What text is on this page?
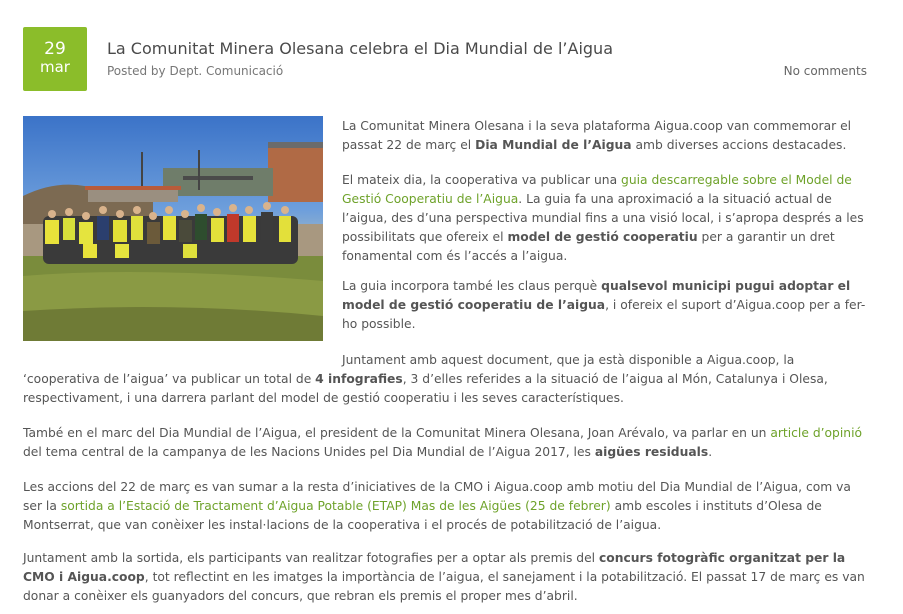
29
mar
La Comunitat Minera Olesana celebra el Dia Mundial de l’Aigua
Posted by Dept. Comunicació	No comments

La Comunitat Minera Olesana i la seva plataforma Aigua.coop van commemorar el passat 22 de març el Dia Mundial de l’Aigua amb diverses accions destacades.

El mateix dia, la cooperativa va publicar una guia descarregable sobre el Model de Gestió Cooperatiu de l’Aigua. La guia fa una aproximació a la situació actual de l’aigua, des d’una perspectiva mundial fins a una visió local, i s’apropa després a les possibilitats que ofereix el model de gestió cooperatiu per a garantir un dret fonamental com és l’accés a l’aigua.

La guia incorpora també les claus perquè qualsevol municipi pugui adoptar el model de gestió cooperatiu de l’aigua, i ofereix el suport d’Aigua.coop per a fer-ho possible.

Juntament amb aquest document, que ja està disponible a Aigua.coop, la ‘cooperativa de l’aigua’ va publicar un total de 4 infografies, 3 d’elles referides a la situació de l’aigua al Món, Catalunya i Olesa, respectivament, i una darrera parlant del model de gestió cooperatiu i les seves característiques.

També en el marc del Dia Mundial de l’Aigua, el president de la Comunitat Minera Olesana, Joan Arévalo, va parlar en un article d’opinió del tema central de la campanya de les Nacions Unides pel Dia Mundial de l’Aigua 2017, les aigües residuals.

Les accions del 22 de març es van sumar a la resta d’iniciatives de la CMO i Aigua.coop amb motiu del Dia Mundial de l’Aigua, com va ser la sortida a l’Estació de Tractament d’Aigua Potable (ETAP) Mas de les Aigües (25 de febrer) amb escoles i instituts d’Olesa de Montserrat, que van conèixer les instal·lacions de la cooperativa i el procés de potabilització de l’aigua.

Juntament amb la sortida, els participants van realitzar fotografies per a optar als premis del concurs fotogràfic organitzat per la CMO i Aigua.coop, tot reflectint en les imatges la importància de l’aigua, el sanejament i la potabilització. El passat 17 de març es van donar a conèixer els guanyadors del concurs, que rebran els premis el proper mes d’abril.
